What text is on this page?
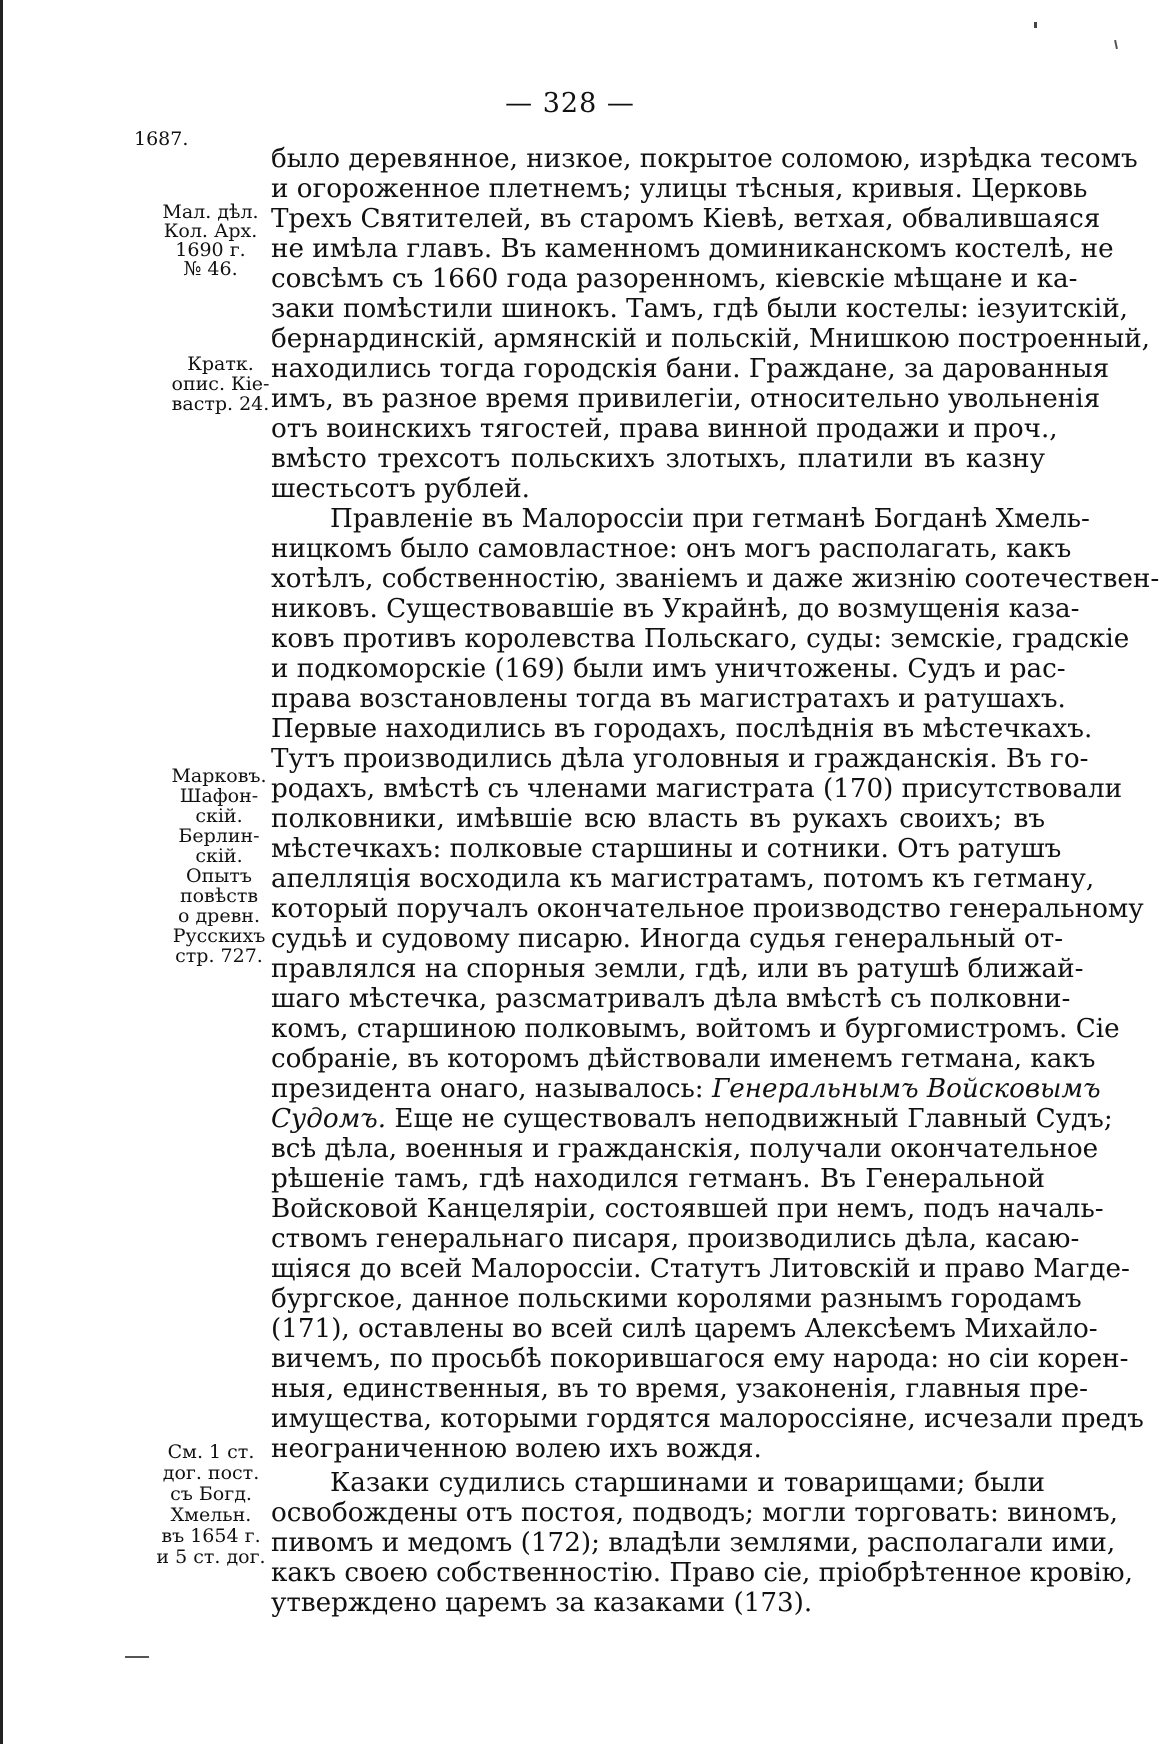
— 328 —
1687.
Мал. дѣл.
Кол. Арх.
1690 г.
№ 46.
Кратк.
опис. Кіе-
вастр. 24.
Марковъ.
Шафон-
скій.
Берлин-
скій.
Опытъ
повѣств
о древн.
Русскихъ
стр. 727.
См. 1 ст.
дог. пост.
съ Богд.
Хмельн.
въ 1654 г.
и 5 ст. дог.
было деревянное, низкое, покрытое соломою, изрѣдка тесомъ
и огороженное плетнемъ; улицы тѣсныя, кривыя. Церковь
Трехъ Святителей, въ старомъ Кіевѣ, ветхая, обвалившаяся
не имѣла главъ. Въ каменномъ доминиканскомъ костелѣ, не
совсѣмъ съ 1660 года разоренномъ, кіевскіе мѣщане и ка-
заки помѣстили шинокъ. Тамъ, гдѣ были костелы: іезуитскій,
бернардинскій, армянскій и польскій, Мнишкою построенный,
находились тогда городскія бани. Граждане, за дарованныя
имъ, въ разное время привилегіи, относительно увольненія
отъ воинскихъ тягостей, права винной продажи и проч.,
вмѣсто трехсотъ польскихъ злотыхъ, платили въ казну
шестьсотъ рублей.
Правленіе въ Малороссіи при гетманѣ Богданѣ Хмель-
ницкомъ было самовластное: онъ могъ располагать, какъ
хотѣлъ, собственностію, званіемъ и даже жизнію соотечествен-
никовъ. Существовавшіе въ Украйнѣ, до возмущенія каза-
ковъ противъ королевства Польскаго, суды: земскіе, градскіе
и подкоморскіе (169) были имъ уничтожены. Судъ и рас-
права возстановлены тогда въ магистратахъ и ратушахъ.
Первые находились въ городахъ, послѣднія въ мѣстечкахъ.
Тутъ производились дѣла уголовныя и гражданскія. Въ го-
родахъ, вмѣстѣ съ членами магистрата (170) присутствовали
полковники, имѣвшіе всю власть въ рукахъ своихъ; въ
мѣстечкахъ: полковые старшины и сотники. Отъ ратушъ
апелляція восходила къ магистратамъ, потомъ къ гетману,
который поручалъ окончательное производство генеральному
судьѣ и судовому писарю. Иногда судья генеральный от-
правлялся на спорныя земли, гдѣ, или въ ратушѣ ближай-
шаго мѣстечка, разсматривалъ дѣла вмѣстѣ съ полковни-
комъ, старшиною полковымъ, войтомъ и бургомистромъ. Сіе
собраніе, въ которомъ дѣйствовали именемъ гетмана, какъ
президента онаго, называлось: Генеральнымъ Войсковымъ
Судомъ. Еще не существовалъ неподвижный Главный Судъ;
всѣ дѣла, военныя и гражданскія, получали окончательное
рѣшеніе тамъ, гдѣ находился гетманъ. Въ Генеральной
Войсковой Канцеляріи, состоявшей при немъ, подъ началь-
ствомъ генеральнаго писаря, производились дѣла, касаю-
щіяся до всей Малороссіи. Статутъ Литовскій и право Магде-
бургское, данное польскими королями разнымъ городамъ
(171), оставлены во всей силѣ царемъ Алексѣемъ Михайло-
вичемъ, по просьбѣ покорившагося ему народа: но сіи корен-
ныя, единственныя, въ то время, узаконенія, главныя пре-
имущества, которыми гордятся малороссіяне, исчезали предъ
неограниченною волею ихъ вождя.
Казаки судились старшинами и товарищами; были
освобождены отъ постоя, подводъ; могли торговать: виномъ,
пивомъ и медомъ (172); владѣли землями, располагали ими,
какъ своею собственностію. Право сіе, пріобрѣтенное кровію,
утверждено царемъ за казаками (173).
